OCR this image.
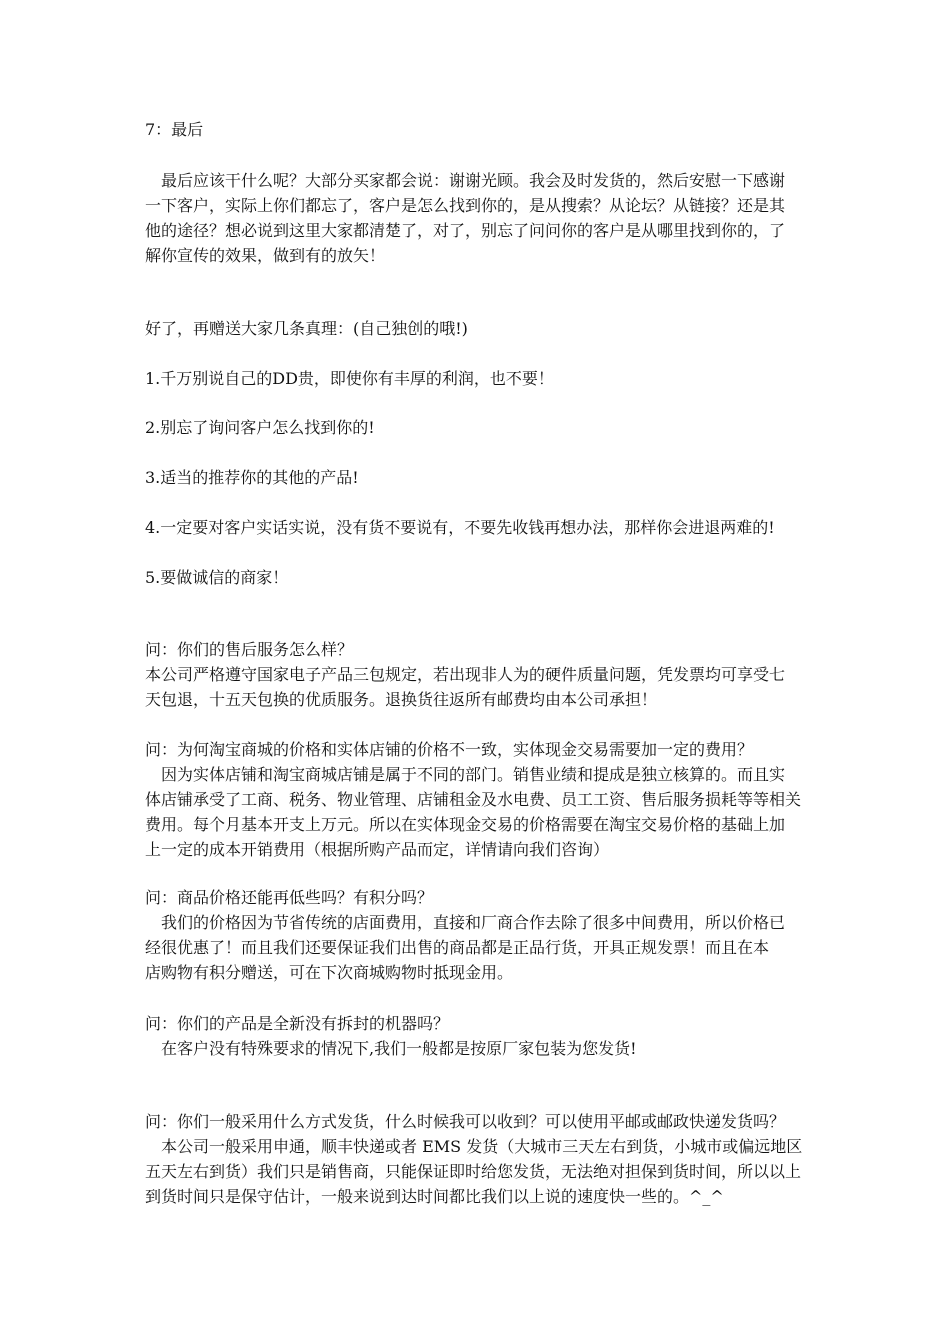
7：最后

　最后应该干什么呢？大部分买家都会说：谢谢光顾。我会及时发货的，然后安慰一下感谢
一下客户，实际上你们都忘了，客户是怎么找到你的，是从搜索？从论坛？从链接？还是其
他的途径？想必说到这里大家都清楚了，对了，别忘了问问你的客户是从哪里找到你的，了
解你宣传的效果，做到有的放矢！

好了，再赠送大家几条真理：(自己独创的哦!)

1.千万别说自己的DD贵，即使你有丰厚的利润，也不要！

2.别忘了询问客户怎么找到你的!

3.适当的推荐你的其他的产品!

4.一定要对客户实话实说，没有货不要说有，不要先收钱再想办法，那样你会进退两难的!

5.要做诚信的商家！

问：你们的售后服务怎么样？
本公司严格遵守国家电子产品三包规定，若出现非人为的硬件质量问题，凭发票均可享受七
天包退，十五天包换的优质服务。退换货往返所有邮费均由本公司承担！
问：为何淘宝商城的价格和实体店铺的价格不一致，实体现金交易需要加一定的费用？
　因为实体店铺和淘宝商城店铺是属于不同的部门。销售业绩和提成是独立核算的。而且实
体店铺承受了工商、税务、物业管理、店铺租金及水电费、员工工资、售后服务损耗等等相关
费用。每个月基本开支上万元。所以在实体现金交易的价格需要在淘宝交易价格的基础上加
上一定的成本开销费用（根据所购产品而定，详情请向我们咨询）
问：商品价格还能再低些吗？有积分吗？
　我们的价格因为节省传统的店面费用，直接和厂商合作去除了很多中间费用，所以价格已
经很优惠了！而且我们还要保证我们出售的商品都是正品行货，开具正规发票！而且在本
店购物有积分赠送，可在下次商城购物时抵现金用。
问：你们的产品是全新没有拆封的机器吗？
　在客户没有特殊要求的情况下,我们一般都是按原厂家包装为您发货!
问：你们一般采用什么方式发货，什么时候我可以收到？可以使用平邮或邮政快递发货吗？
　本公司一般采用申通，顺丰快递或者 EMS 发货（大城市三天左右到货，小城市或偏远地区
五天左右到货）我们只是销售商，只能保证即时给您发货，无法绝对担保到货时间，所以以上
到货时间只是保守估计，一般来说到达时间都比我们以上说的速度快一些的。^_^
